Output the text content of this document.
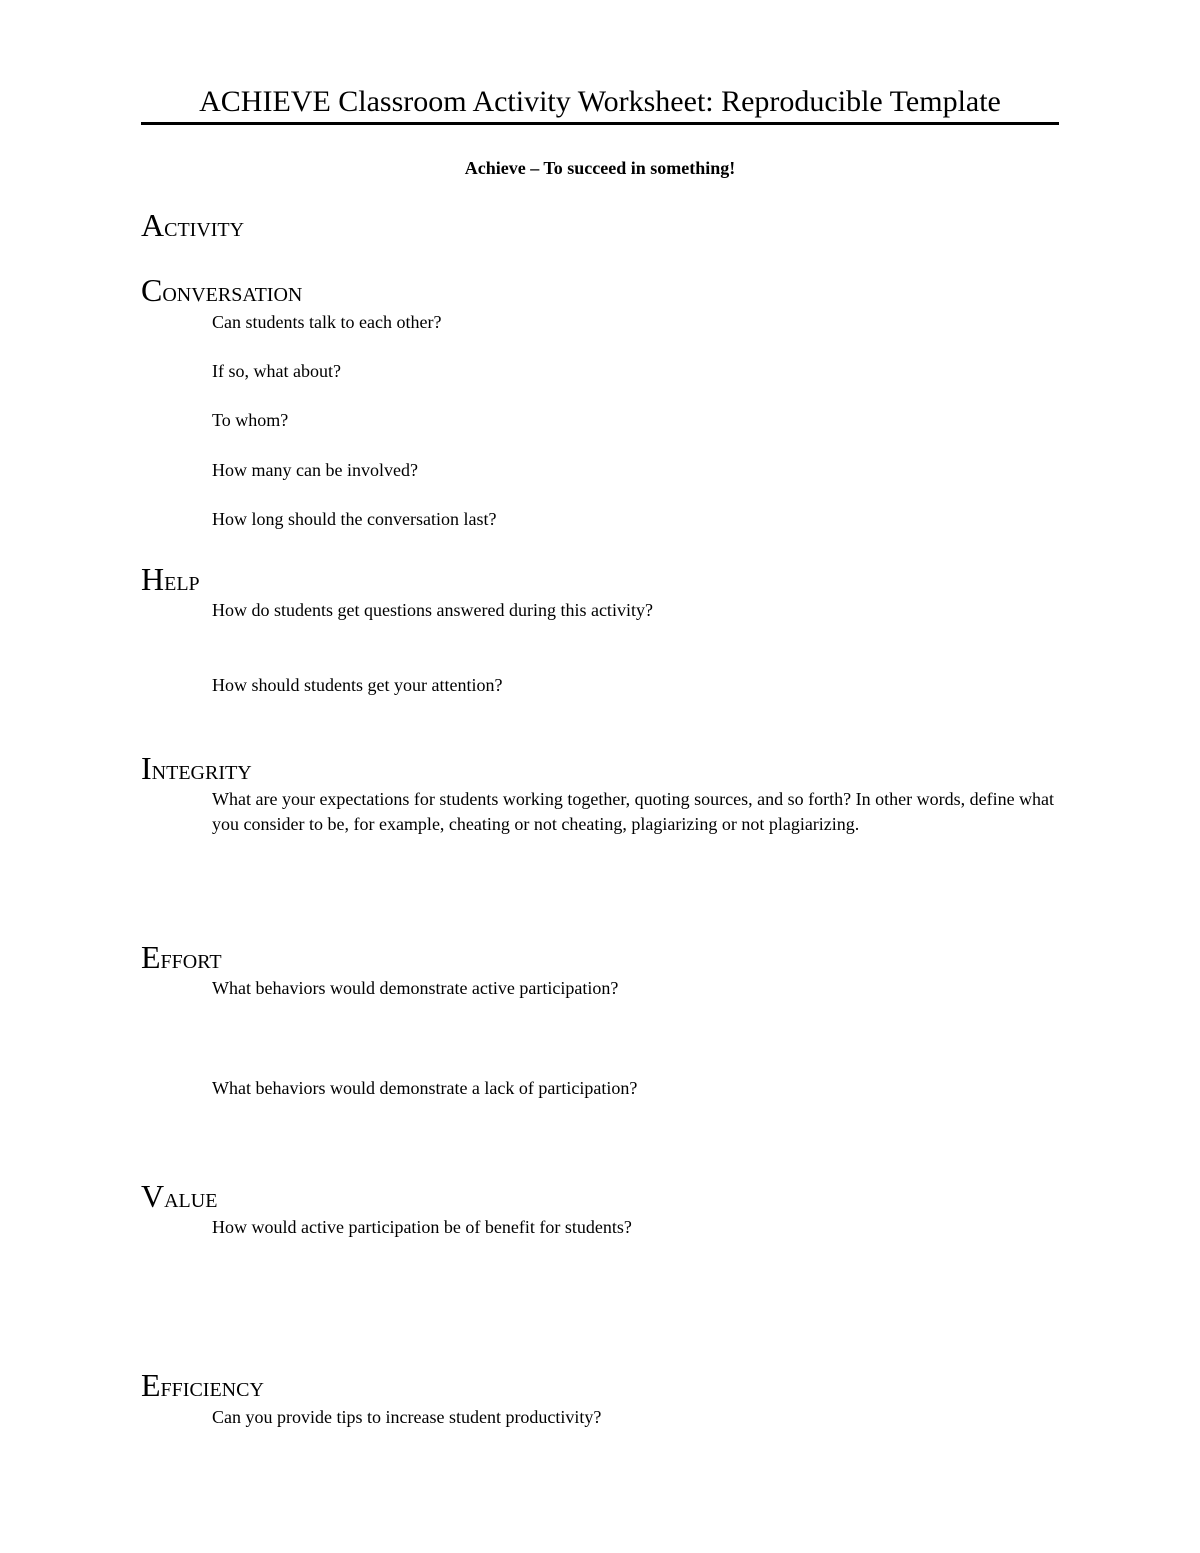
ACHIEVE Classroom Activity Worksheet: Reproducible Template
Achieve – To succeed in something!
ACTIVITY
CONVERSATION

Can students talk to each other?

If so, what about?

To whom?

How many can be involved?

How long should the conversation last?

HELP

How do students get questions answered during this activity?

How should students get your attention?

INTEGRITY

What are your expectations for students working together, quoting sources, and so forth? In other words, define what you consider to be, for example, cheating or not cheating, plagiarizing or not plagiarizing.

EFFORT

What behaviors would demonstrate active participation?

What behaviors would demonstrate a lack of participation?

VALUE

How would active participation be of benefit for students?

EFFICIENCY

Can you provide tips to increase student productivity?
